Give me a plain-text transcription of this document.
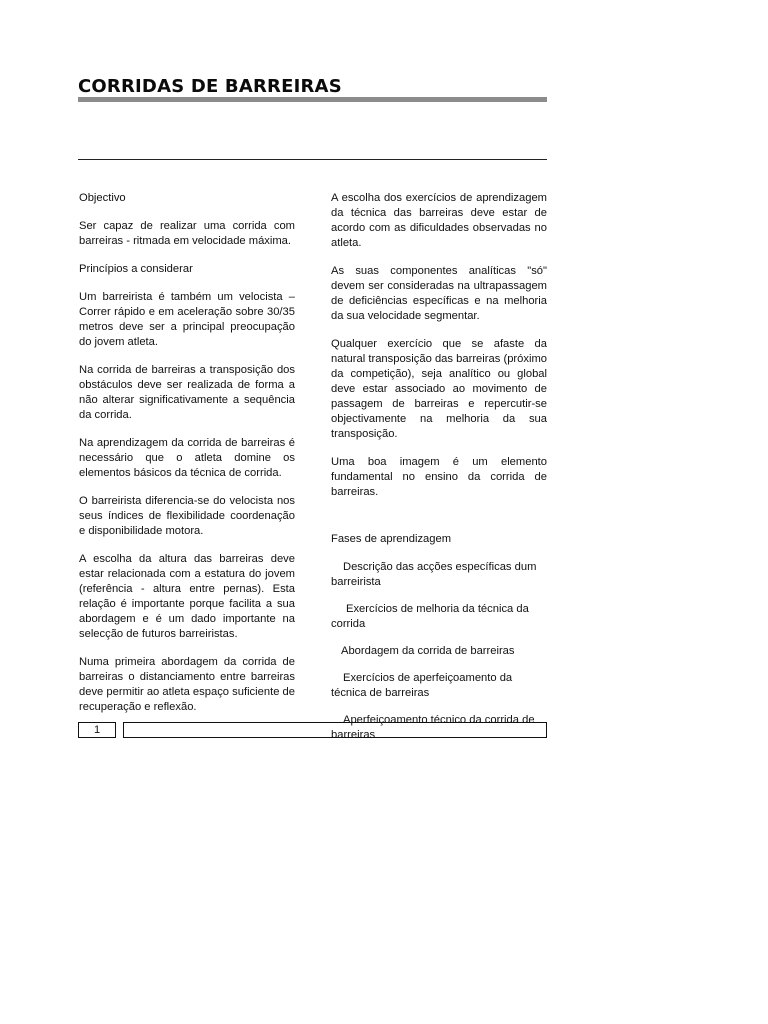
CORRIDAS DE BARREIRAS

Objectivo

Ser capaz de realizar uma corrida com barreiras - ritmada em velocidade máxima.

Princípios a considerar

Um barreirista é também um velocista – Correr rápido e em aceleração sobre 30/35 metros deve ser a principal preocupação do jovem atleta.

Na corrida de barreiras a transposição dos obstáculos deve ser realizada de forma a não alterar significativamente a sequência da corrida.

Na aprendizagem da corrida de barreiras é necessário que o atleta domine os elementos básicos da técnica de corrida.

O barreirista diferencia-se do velocista nos seus índices de flexibilidade coordenação e disponibilidade motora.

A escolha da altura das barreiras deve estar relacionada com a estatura do jovem (referência - altura entre pernas). Esta relação é importante porque facilita a sua abordagem e é um dado importante na selecção de futuros barreiristas.

Numa primeira abordagem da corrida de barreiras o distanciamento entre barreiras deve permitir ao atleta espaço suficiente de recuperação e reflexão.

A escolha dos exercícios de aprendizagem da técnica das barreiras deve estar de acordo com as dificuldades observadas no atleta.

As suas componentes analíticas "só" devem ser consideradas na ultrapassagem de deficiências específicas e na melhoria da sua velocidade segmentar.

Qualquer exercício que se afaste da natural transposição das barreiras (próximo da competição), seja analítico ou global deve estar associado ao movimento de passagem de barreiras e repercutir-se objectivamente na melhoria da sua transposição.

Uma boa imagem é um elemento fundamental no ensino da corrida de barreiras.

Fases de aprendizagem

Descrição das acções específicas dum barreirista

Exercícios de melhoria da técnica da corrida

Abordagem da corrida de barreiras

Exercícios de aperfeiçoamento da técnica de barreiras

Aperfeiçoamento técnico da corrida de barreiras

1
